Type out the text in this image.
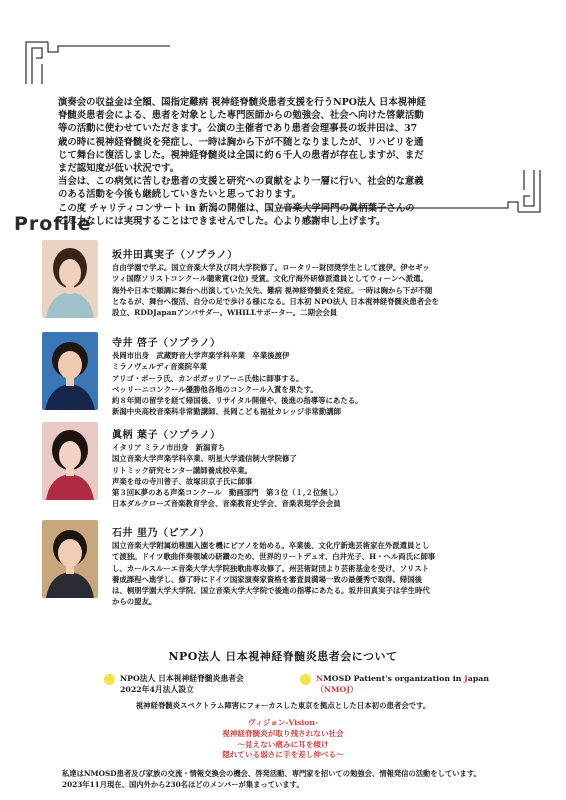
演奏会の収益金は全額、国指定難病 視神経脊髄炎患者支援を行うNPO法人 日本視神経

脊髄炎患者会による、患者を対象とした専門医師からの勉強会、社会へ向けた啓蒙活動

等の活動に使わせていただきます。公演の主催者であり患者会理事長の坂井田は、37

歳の時に視神経脊髄炎を発症し、一時は胸から下が不随となりましたが、リハビリを通

じて舞台に復活しました。視神経脊髄炎は全国に約６千人の患者が存在しますが、まだ

まだ認知度が低い状況です。

当会は、この病気に苦しむ患者の支援と研究への貢献をより一層に行い、社会的な意義

のある活動を今後も継続していきたいと思っております。

この度 チャリティコンサート in 新潟の開催は、国立音楽大学同門の眞柄葉子さんの

ご尽力なしには実現することはできませんでした。心より感謝申し上げます。

Profile
坂井田真実子（ソプラノ）
自由学園で学ぶ。国立音楽大学及び同大学院修了。ロータリー財団奨学生として渡伊。伊セギッ
ツィ国際ソリストコンクール聴衆賞(2位) 受賞。文化庁海外研修派遣員としてウィーンへ派遣。
海外や日本で順調に舞台へ出演していた矢先、難病 視神経脊髄炎を発症。一時は胸から下が不随
となるが、舞台へ復活、自分の足で歩ける様になる。日本初 NPO法人 日本視神経脊髄炎患者会を
設立、RDDJapanアンバサダー。WHILLサポーター。二期会会員
寺井 啓子（ソプラノ）
長岡市出身　武蔵野音大学声楽学科卒業　卒業後渡伊
ミラノヴェルディ音楽院卒業
アリゴ・ポーラ氏、カンポガッリアーニ氏他に師事する。
ベッリーニコンクール優勝他各地のコンクール入賞を果たす。
約８年間の留学を経て帰国後、リサイタル開催や、後進の指導等にあたる。
新潟中央高校音楽科非常勤講師、長岡こども福祉カレッジ非常勤講師
眞柄 葉子（ソプラノ）
イタリア ミラノ市出身　新潟育ち
国立音楽大学声楽学科卒業、明星大学通信制大学院修了
リトミック研究センター講師養成校卒業。
声楽を母の寺川曾子、故塚田京子氏に師事
第３回K夢のある声楽コンクール　動画部門　第３位（１,２位無し）
日本ダルクローズ音楽教育学会、音楽教育史学会、音楽表現学会会員
石井 里乃（ピアノ）
国立音楽大学附属幼稚園入園を機にピアノを始める。卒業後、文化庁新進芸術家在外派遣員とし
て渡独。ドイツ歌曲伴奏領域の研鑽のため、世界的リートデュオ、白井光子、H・ヘル両氏に師事
し、カールスルーエ音楽大学大学院独歌曲専攻修了。州芸術財団より芸術基金を受け、ソリスト
養成課程へ進学し、修了時にドイツ国家演奏家資格を審査員満場一致の最優秀で取得。帰国後
は、桐朋学園大学大学院、国立音楽大学大学院で後進の指導にあたる。坂井田真実子は学生時代
からの盟友。
NPO法人 日本視神経脊髄炎患者会について
NPO法人 日本視神経脊髄炎患者会
2022年4月法人設立
NMOSD Patient's organization in Japan
（NMOJ）
視神経脊髄炎スペクトラム障害にフォーカスした東京を拠点とした日本初の患者会です。
ヴィジョン-Vision-
視神経脊髄炎が取り残されない社会
～見えない痛みに耳を傾け
隠れている弱さに手を差し伸べる～
私達はNMOSD患者及び家族の交流・情報交換会の機会、啓発活動、専門家を招いての勉強会、情報発信の活動をしています。
2023年11月現在、国内外から230名ほどのメンバーが集まっています。
